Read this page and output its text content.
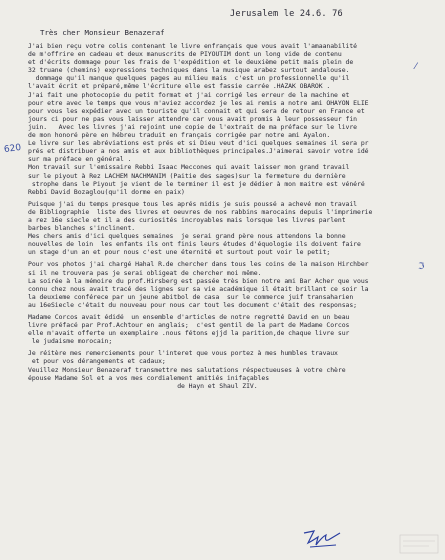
Jerusalem le 24.6. 76
Très cher Monsieur Benazeraf
620
⁄
ℑ
J'ai bien reçu votre colis contenant le livre enfrançais que vous avait l'amaanabilité
de m'offrire en cadeau et deux manuscrits de PIYOUTIM dont un long vide de contenu
et d'écrits dommage pour les frais de l'expédition et le deuxième petit mais plein de
32 truane (chemins) expressions techniques dans la musique arabez surtout andalouse.
dommage qu'il manque quelques pages au milieu mais  c'est un professionnelle qu'il
l'avait écrit et préparé,même l'écriture elle est fassie carrée .HAZAK OBAROK .
J'ai fait une photocopie du petit format et j'ai corrigé les erreur de la machine et
pour etre avec le temps que vous m'aviez accordez je les ai remis a notre ami OHAYON ELIE
pour vous les expédier avec un touriste qu'il connait et qui sera de retour en France et
jours ci pour ne pas vous laisser attendre car vous avait promis à leur possesseur fin
juin.   Avec les livres j'ai rejoint une copie de l'extrait de ma préface sur le livre
de mon honoré père en hébreu traduit en français corrigée par notre ami Ayalon.
Le livre sur les abréviations est prés et si Dieu veut d'ici quelques semaines il sera pr
prés et distribuer a nos amis et aux bibliothèques principales.J'aimerai savoir votre idé
sur ma préface en général .
Mon travail sur l'emissaire Rebbi Isaac Meccones qui avait laisser mon grand travail
sur le piyout à Rez LACHEM NACHMANIM (Paitie des sages)sur la fermeture du dernière
strophe dans le Piyout je vient de le terminer il est je dédier à mon maitre est vénéré
Rebbi David Bozaglou(qu'il dorme en paix)
Puisque j'ai du temps presque tous les aprés midis je suis poussé a achevé mon travail
de Bibliographie  liste des livres et oeuvres de nos rabbins marocains depuis l'imprimerie
a rez 16e siecle et il a des curiosités incroyables mais lorsque les livres parlent
barbes blanches s'inclinent.
Mes chers amis d'ici quelques semaines  je serai grand père nous attendons la bonne
nouvelles de loin  les enfants ils ont finis leurs études d'équologie ils doivent faire
un stage d'un an et pour nous c'est une éternité et surtout pout voir le petit;
Pour vos photos j'ai chargé Hahal R.de chercher dans tous les coins de la maison Hirchber
si il ne trouvera pas je serai obligeat de chercher moi même.
La soirée à la mémoire du prof.Hirsberg est passée très bien notre ami Bar Acher que vous
connu chez nous avait tracé des lignes sur sa vie académique il était brillant ce soir la
la deuxieme conférece par un jeune abitbol de casa  sur le commerce juif transaharien
au 16eSiecle c'était du nouveau pour nous car tout les document c'était des responsas;
Madame Corcos avait édidé  un ensemble d'articles de notre regretté David en un beau
livre préfacé par Prof.Achtour en anglais;  c'est gentil de la part de Madame Corcos
elle m'avait offerte un exemplaire .nous fétons ejjd la parition,de chaque livre sur
le judaisme morocain;
Je réitère mes remerciements pour l'interet que vous portez à mes humbles travaux
et pour vos dérangements et cadaux;
Veuillez Monsieur Benazeraf transmettre mes salutations réspectueuses à votre chère
épouse Madame Sol et a vos mes cordialement amitiés inifaçables
de Hayn et Shaul ZIV.
